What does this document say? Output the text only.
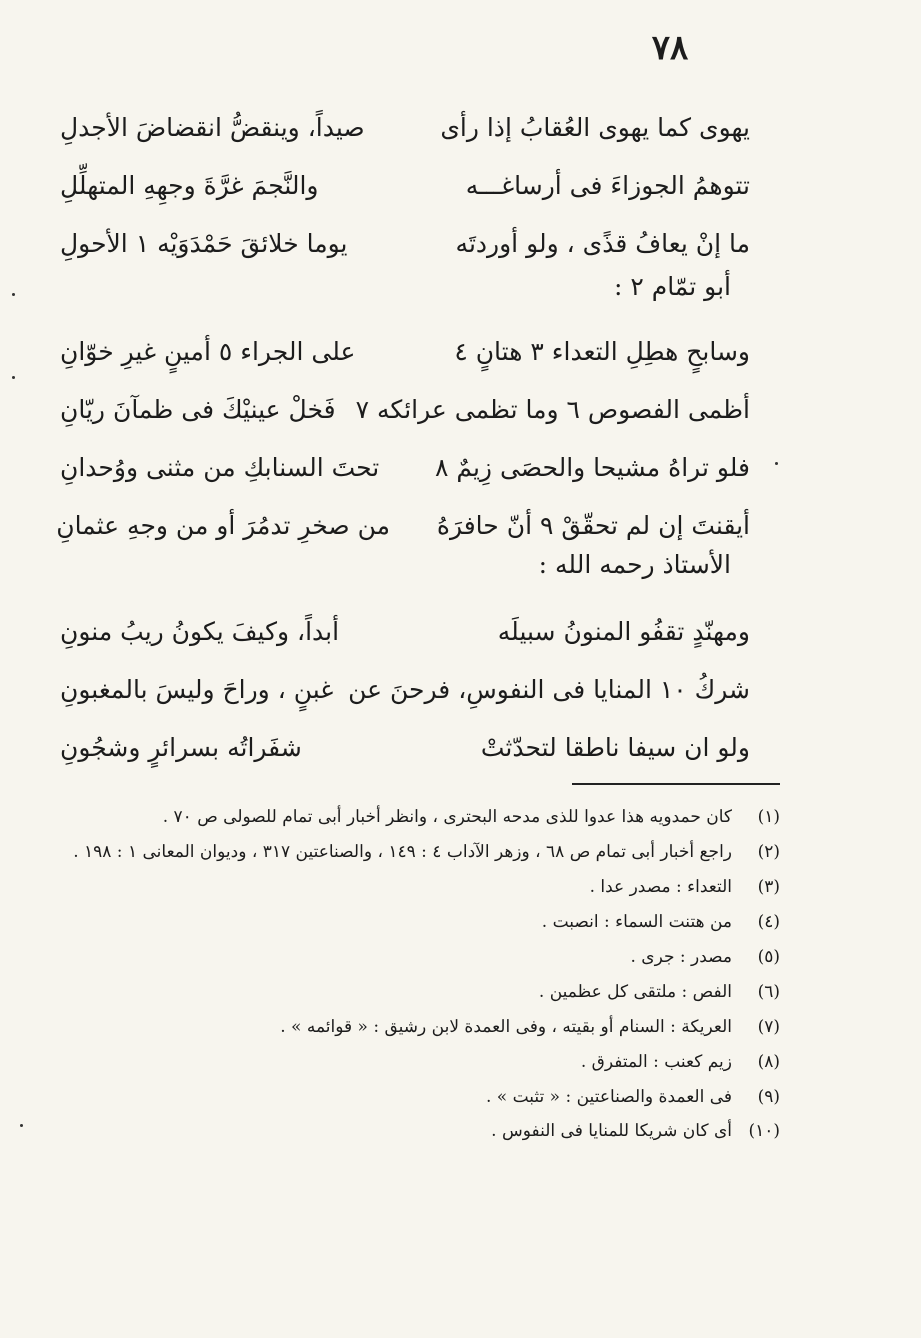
٧٨
يهوى كما يهوى العُقابُ إذا رأى
صيداً، وينقضُّ انقضاضَ الأجدلِ
تتوهمُ الجوزاءَ فى أرساغـــه
والنَّجمَ غرَّةَ وجهِهِ المتهلِّلِ
ما إنْ يعافُ قذًى ، ولو أوردتَه
يوما خلائقَ حَمْدَوَيْه ١ الأحولِ
أبو تمّام ٢ :
وسابحٍ هطِلِ التعداء ٣ هتانٍ ٤
على الجراء ٥ أمينٍ غيرِ خوّانِ
أظمى الفصوص ٦ وما تظمى عرائكه ٧
فَخلْ عينيْكَ فى ظمآنَ ريّانِ
فلو تراهُ مشيحا والحصَى زِيمٌ ٨
تحتَ السنابكِ من مثنى ووُحدانِ
أيقنتَ إن لم تحقّقْ ٩ أنّ حافرَهُ
من صخرِ تدمُرَ أو من وجهِ عثمانِ
الأستاذ رحمه الله :
ومهنّدٍ تقفُو المنونُ سبيلَه
أبداً، وكيفَ يكونُ ريبُ منونِ
شركُ ١٠ المنايا فى النفوسِ، فرحنَ عن
غبنٍ ، وراحَ وليسَ بالمغبونِ
ولو ان سيفا ناطقا لتحدّثتْ
شفَراتُه بسرائرٍ وشجُونِ
(١)
كان حمدويه هذا عدوا للذى مدحه البحترى ، وانظر أخبار أبى تمام للصولى ص ٧٠ .
(٢)
راجع أخبار أبى تمام ص ٦٨ ، وزهر الآداب ٤ : ١٤٩ ، والصناعتين ٣١٧ ، وديوان المعانى ١ : ١٩٨ .
(٣)
التعداء : مصدر عدا .
(٤)
من هتنت السماء : انصبت .
(٥)
مصدر : جرى .
(٦)
الفص : ملتقى كل عظمين .
(٧)
العريكة : السنام أو بقيته ، وفى العمدة لابن رشيق : « قوائمه » .
(٨)
زيم كعنب : المتفرق .
(٩)
فى العمدة والصناعتين : « تثبت » .
(١٠)
أى كان شريكا للمنايا فى النفوس .
